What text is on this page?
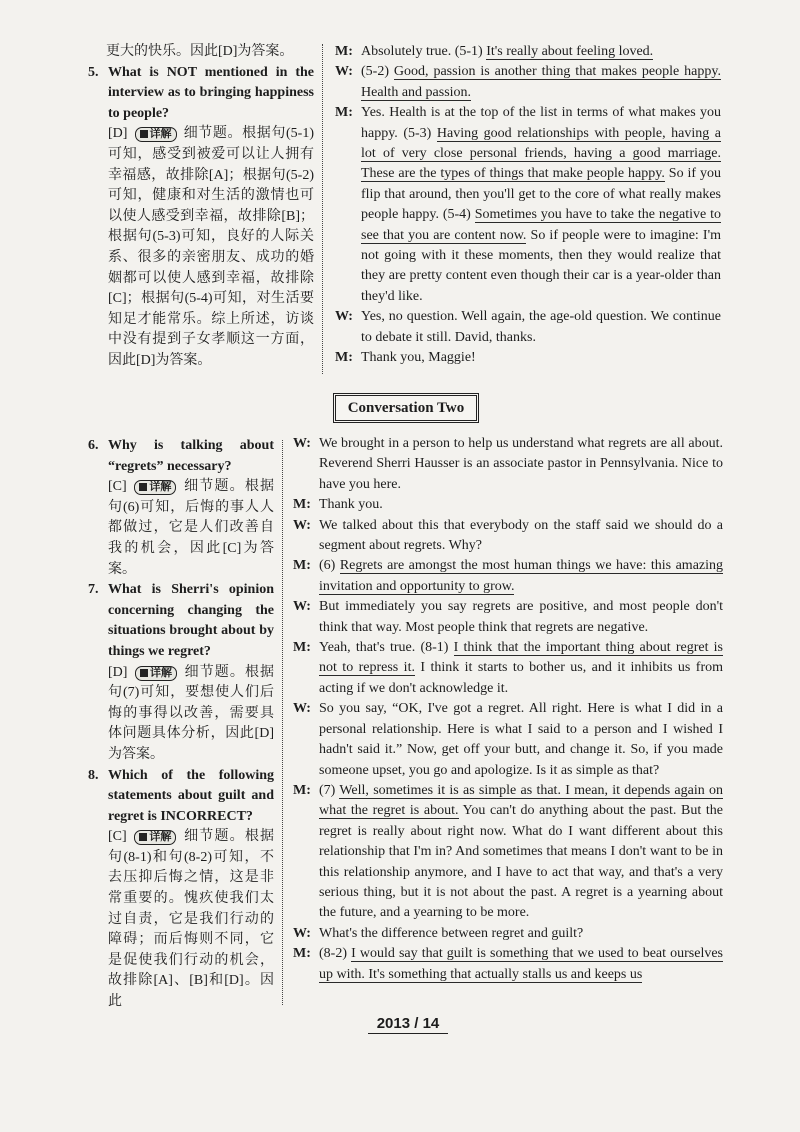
更大的快乐。因此[D]为答案。
5. What is NOT mentioned in the interview as to bringing happiness to people?
[D] 详解 细节题。根据句(5-1)可知，感受到被爱可以让人拥有幸福感，故排除[A]；根据句(5-2)可知，健康和对生活的激情也可以使人感受到幸福，故排除[B]；根据句(5-3)可知，良好的人际关系、很多的亲密朋友、成功的婚姻都可以使人感到幸福，故排除[C]；根据句(5-4)可知，对生活要知足才能常乐。综上所述，访谈中没有提到子女孝顺这一方面，因此[D]为答案。
M: Absolutely true. (5-1) It's really about feeling loved.
W: (5-2) Good, passion is another thing that makes people happy. Health and passion.
M: Yes. Health is at the top of the list in terms of what makes you happy. (5-3) Having good relationships with people, having a lot of very close personal friends, having a good marriage. These are the types of things that make people happy. So if you flip that around, then you'll get to the core of what really makes people happy. (5-4) Sometimes you have to take the negative to see that you are content now. So if people were to imagine: I'm not going with it these moments, then they would realize that they are pretty content even though their car is a year-older than they'd like.
W: Yes, no question. Well again, the age-old question. We continue to debate it still. David, thanks.
M: Thank you, Maggie!
Conversation Two
6. Why is talking about “regrets” necessary?
[C] 详解 细节题。根据句(6)可知，后悔的事人人都做过，它是人们改善自我的机会，因此[C]为答案。
7. What is Sherri's opinion concerning changing the situations brought about by things we regret?
[D] 详解 细节题。根据句(7)可知，要想使人们后悔的事得以改善，需要具体问题具体分析，因此[D]为答案。
8. Which of the following statements about guilt and regret is INCORRECT?
[C] 详解 细节题。根据句(8-1)和句(8-2)可知，不去压抑后悔之情，这是非常重要的。愧疚使我们太过自责，它是我们行动的障碍；而后悔则不同，它是促使我们行动的机会，故排除[A]、[B]和[D]。因此
W: We brought in a person to help us understand what regrets are all about. Reverend Sherri Hausser is an associate pastor in Pennsylvania. Nice to have you here.
M: Thank you.
W: We talked about this that everybody on the staff said we should do a segment about regrets. Why?
M: (6) Regrets are amongst the most human things we have: this amazing invitation and opportunity to grow.
W: But immediately you say regrets are positive, and most people don't think that way. Most people think that regrets are negative.
M: Yeah, that's true. (8-1) I think that the important thing about regret is not to repress it. I think it starts to bother us, and it inhibits us from acting if we don't acknowledge it.
W: So you say, “OK, I've got a regret. All right. Here is what I did in a personal relationship. Here is what I said to a person and I wished I hadn't said it.” Now, get off your butt, and change it. So, if you made someone upset, you go and apologize. Is it as simple as that?
M: (7) Well, sometimes it is as simple as that. I mean, it depends again on what the regret is about. You can't do anything about the past. But the regret is really about right now. What do I want different about this relationship that I'm in? And sometimes that means I don't want to be in this relationship anymore, and I have to act that way, and that's a very serious thing, but it is not about the past. A regret is a yearning about the future, and a yearning to be more.
W: What's the difference between regret and guilt?
M: (8-2) I would say that guilt is something that we used to beat ourselves up with. It's something that actually stalls us and keeps us
2013 / 14
